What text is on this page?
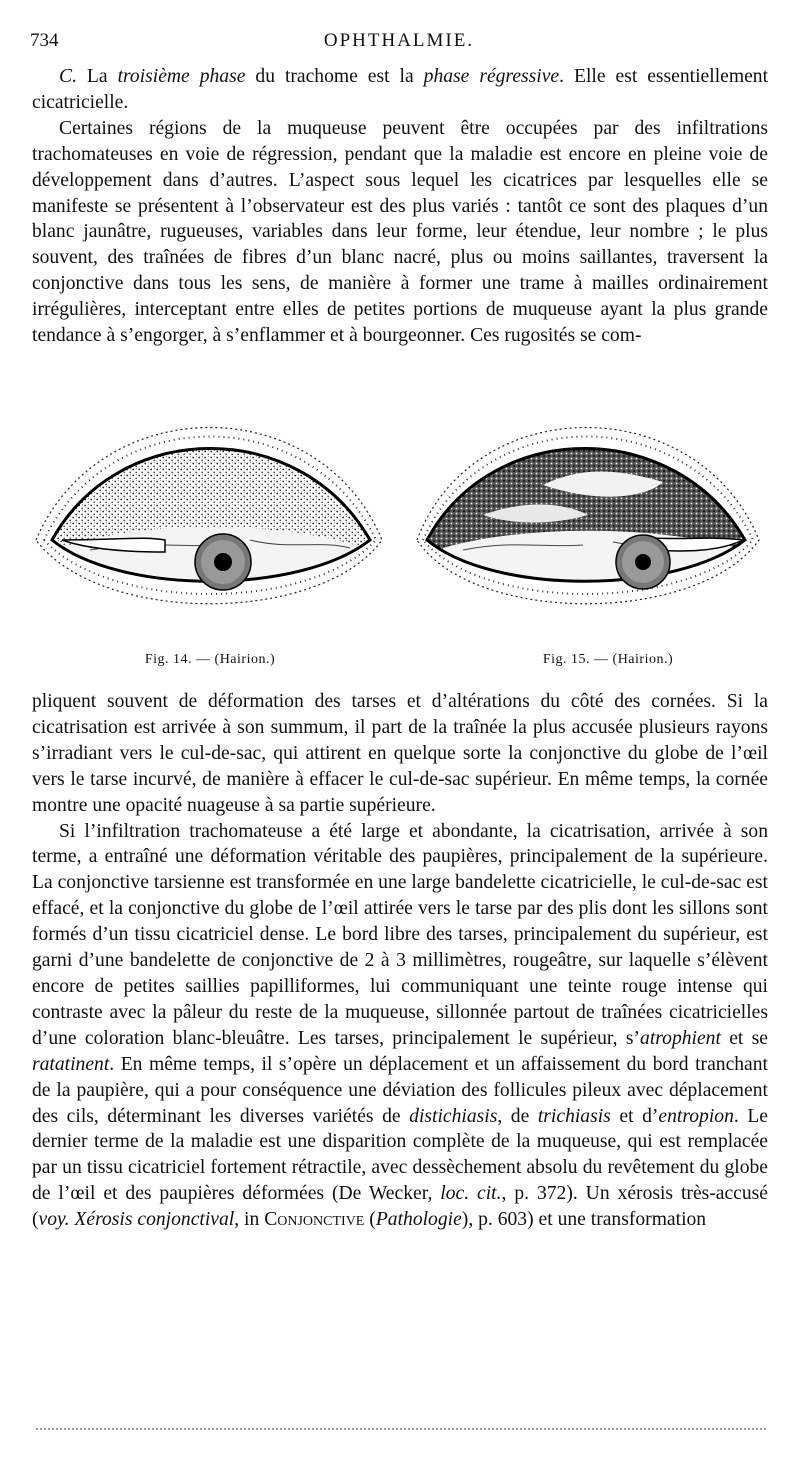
734	OPHTHALMIE.

C. La troisième phase du trachome est la phase régressive. Elle est essentiellement cicatricielle.

Certaines régions de la muqueuse peuvent être occupées par des infiltrations trachomateuses en voie de régression, pendant que la maladie est encore en pleine voie de développement dans d’autres. L’aspect sous lequel les cicatrices par lesquelles elle se manifeste se présentent à l’observateur est des plus variés : tantôt ce sont des plaques d’un blanc jaunâtre, rugueuses, variables dans leur forme, leur étendue, leur nombre ; le plus souvent, des traînées de fibres d’un blanc nacré, plus ou moins saillantes, traversent la conjonctive dans tous les sens, de manière à former une trame à mailles ordinairement irrégulières, interceptant entre elles de petites portions de muqueuse ayant la plus grande tendance à s’engorger, à s’enflammer et à bourgeonner. Ces rugosités se com-

Fig. 14. — (Hairion.)	Fig. 15. — (Hairion.)

pliquent souvent de déformation des tarses et d’altérations du côté des cornées. Si la cicatrisation est arrivée à son summum, il part de la traînée la plus accusée plusieurs rayons s’irradiant vers le cul-de-sac, qui attirent en quelque sorte la conjonctive du globe de l’œil vers le tarse incurvé, de manière à effacer le cul-de-sac supérieur. En même temps, la cornée montre une opacité nuageuse à sa partie supérieure.

Si l’infiltration trachomateuse a été large et abondante, la cicatrisation, arrivée à son terme, a entraîné une déformation véritable des paupières, principalement de la supérieure. La conjonctive tarsienne est transformée en une large bandelette cicatricielle, le cul-de-sac est effacé, et la conjonctive du globe de l’œil attirée vers le tarse par des plis dont les sillons sont formés d’un tissu cicatriciel dense. Le bord libre des tarses, principalement du supérieur, est garni d’une bandelette de conjonctive de 2 à 3 millimètres, rougeâtre, sur laquelle s’élèvent encore de petites saillies papilliformes, lui communiquant une teinte rouge intense qui contraste avec la pâleur du reste de la muqueuse, sillonnée partout de traînées cicatricielles d’une coloration blanc-bleuâtre. Les tarses, principalement le supérieur, s’atrophient et se ratatinent. En même temps, il s’opère un déplacement et un affaissement du bord tranchant de la paupière, qui a pour conséquence une déviation des follicules pileux avec déplacement des cils, déterminant les diverses variétés de distichiasis, de trichiasis et d’entropion. Le dernier terme de la maladie est une disparition complète de la muqueuse, qui est remplacée par un tissu cicatriciel fortement rétractile, avec dessèchement absolu du revêtement du globe de l’œil et des paupières déformées (De Wecker, loc. cit., p. 372). Un xérosis très-accusé (voy. Xérosis conjonctival, in Conjonctive (Pathologie), p. 603) et une transformation
